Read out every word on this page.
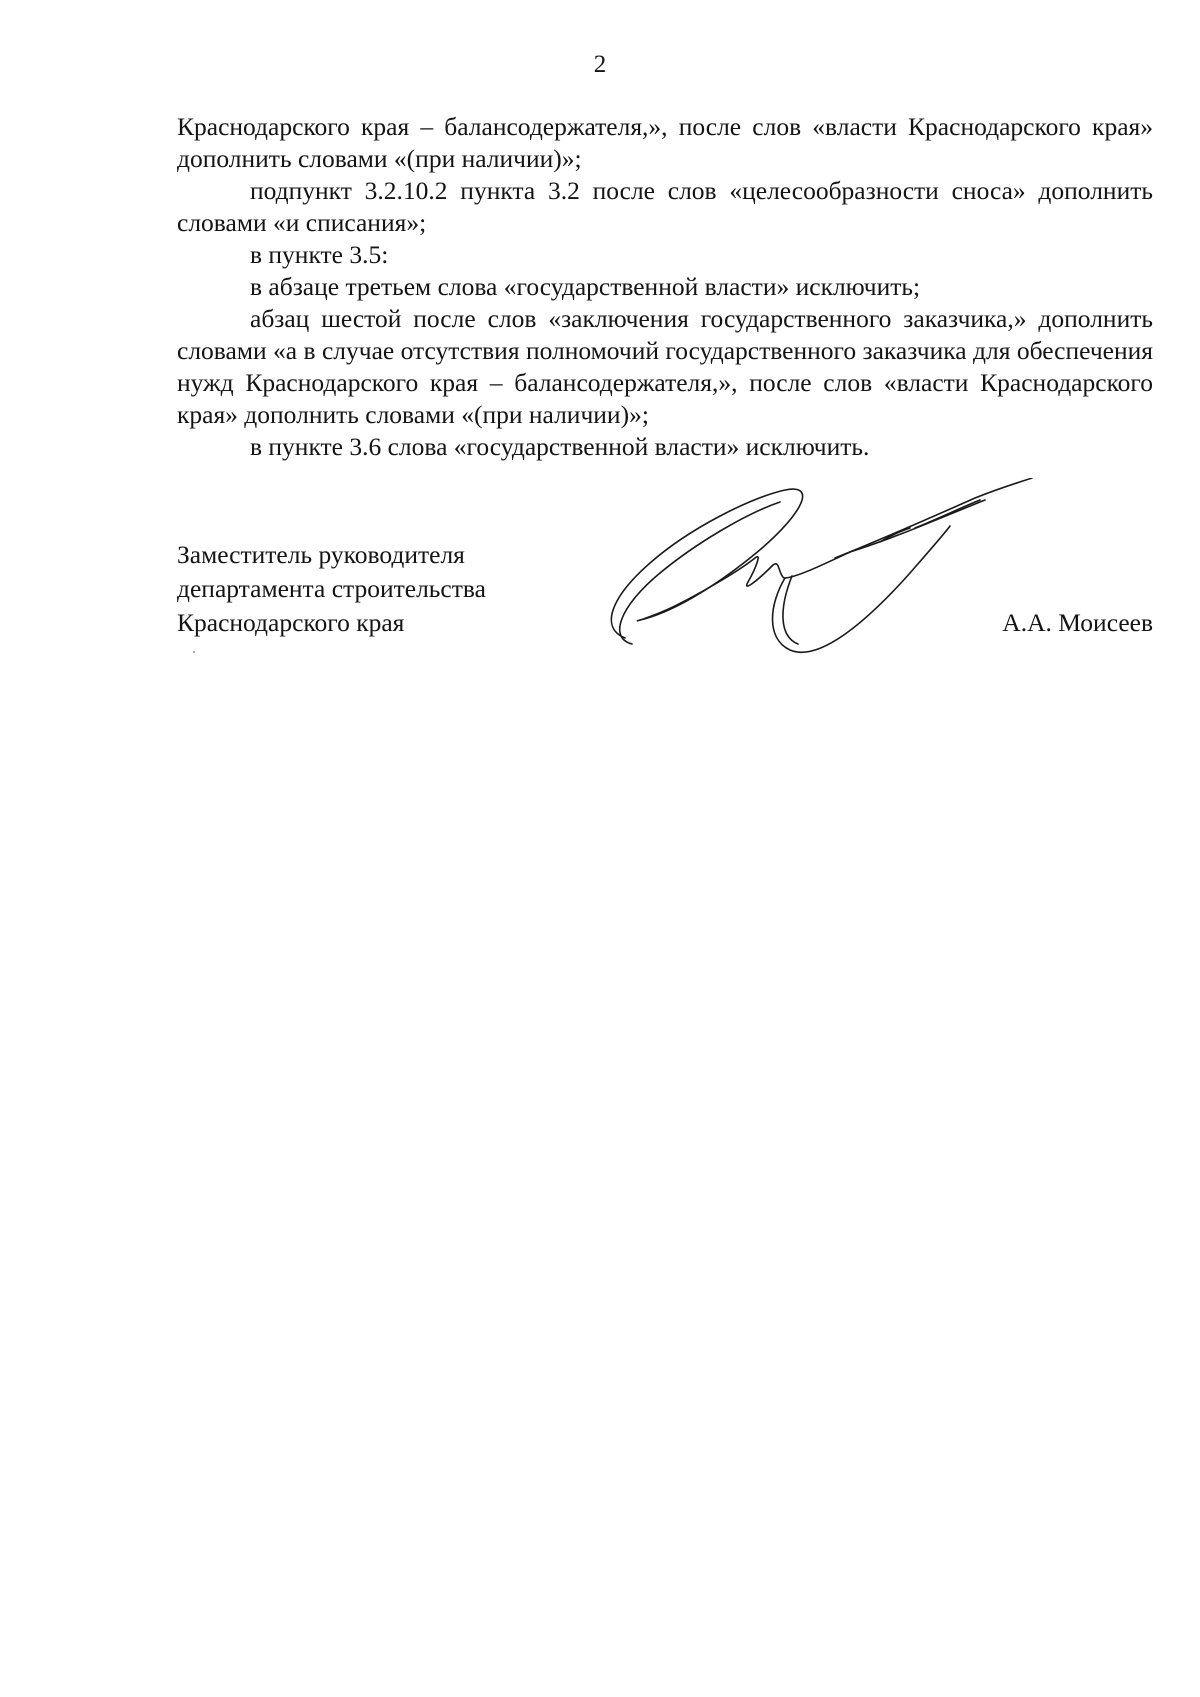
2

Краснодарского края – балансодержателя,», после слов «власти Краснодарского края» дополнить словами «(при наличии)»;

подпункт 3.2.10.2 пункта 3.2 после слов «целесообразности сноса» дополнить словами «и списания»;

в пункте 3.5:

в абзаце третьем слова «государственной власти» исключить;

абзац шестой после слов «заключения государственного заказчика,» дополнить словами «а в случае отсутствия полномочий государственного заказчика для обеспечения нужд Краснодарского края – балансодержателя,», после слов «власти Краснодарского края» дополнить словами «(при наличии)»;

в пункте 3.6 слова «государственной власти» исключить.

Заместитель руководителя
департамента строительства
Краснодарского края	А.А. Моисеев
